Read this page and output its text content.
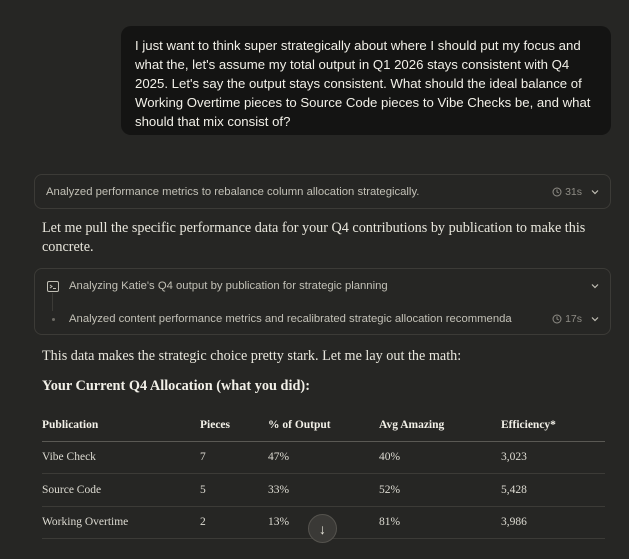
I just want to think super strategically about where I should put my focus and what the, let's assume my total output in Q1 2026 stays consistent with Q4 2025. Let's say the output stays consistent. What should the ideal balance of Working Overtime pieces to Source Code pieces to Vibe Checks be, and what should that mix consist of?
Analyzed performance metrics to rebalance column allocation strategically.	31s
Let me pull the specific performance data for your Q4 contributions by publication to make this concrete.
Analyzing Katie's Q4 output by publication for strategic planning
Analyzed content performance metrics and recalibrated strategic allocation recommenda	17s
This data makes the strategic choice pretty stark. Let me lay out the math:
Your Current Q4 Allocation (what you did):
Publication	Pieces	% of Output	Avg Amazing	Efficiency*
Vibe Check	7	47%	40%	3,023
Source Code	5	33%	52%	5,428
Working Overtime	2	13%	81%	3,986
↓
